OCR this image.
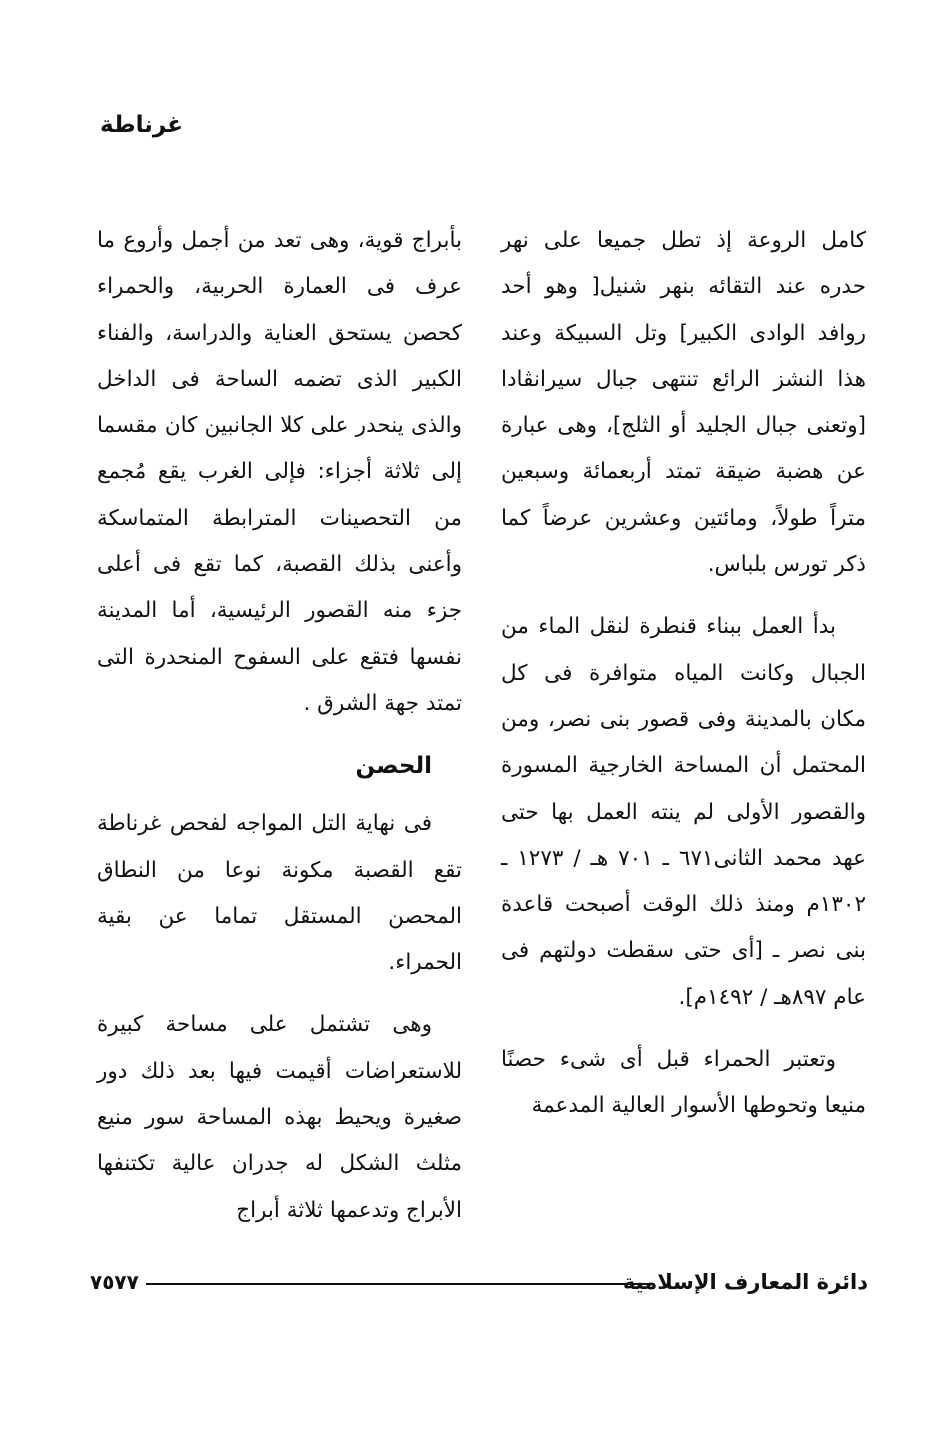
غرناطة

كامل الروعة إذ تطل جميعا على نهر حدره عند التقائه بنهر شنيل[ وهو أحد روافد الوادى الكبير] وتل السبيكة وعند هذا النشز الرائع تنتهى جبال سيرانڤادا [وتعنى جبال الجليد أو الثلج]، وهى عبارة عن هضبة ضيقة تمتد أربعمائة وسبعين متراً طولاً، ومائتين وعشرين عرضاً كما ذكر تورس بلباس.

بدأ العمل ببناء قنطرة لنقل الماء من الجبال وكانت المياه متوافرة فى كل مكان بالمدينة وفى قصور بنى نصر، ومن المحتمل أن المساحة الخارجية المسورة والقصور الأولى لم ينته العمل بها حتى عهد محمد الثانى٦٧١ ـ ٧٠١ هـ / ١٢٧٣ ـ ١٣٠٢م ومنذ ذلك الوقت أصبحت قاعدة بنى نصر ـ [أى حتى سقطت دولتهم فى عام ٨٩٧هـ / ١٤٩٢م].

وتعتبر الحمراء قبل أى شىء حصنًا منيعا وتحوطها الأسوار العالية المدعمة

بأبراج قوية، وهى تعد من أجمل وأروع ما عرف فى العمارة الحربية، والحمراء كحصن يستحق العناية والدراسة، والفناء الكبير الذى تضمه الساحة فى الداخل والذى ينحدر على كلا الجانبين كان مقسما إلى ثلاثة أجزاء: فإلى الغرب يقع مُجمع من التحصينات المترابطة المتماسكة وأعنى بذلك القصبة، كما تقع فى أعلى جزء منه القصور الرئيسية، أما المدينة نفسها فتقع على السفوح المنحدرة التى تمتد جهة الشرق .

الحصن

فى نهاية التل المواجه لفحص غرناطة تقع القصبة مكونة نوعا من النطاق المحصن المستقل تماما عن بقية الحمراء.

وهى تشتمل على مساحة كبيرة للاستعراضات أقيمت فيها بعد ذلك دور صغيرة ويحيط بهذه المساحة سور منيع مثلث الشكل له جدران عالية تكتنفها الأبراج وتدعمها ثلاثة أبراج

دائرة المعارف الإسلامية
٧٥٧٧
